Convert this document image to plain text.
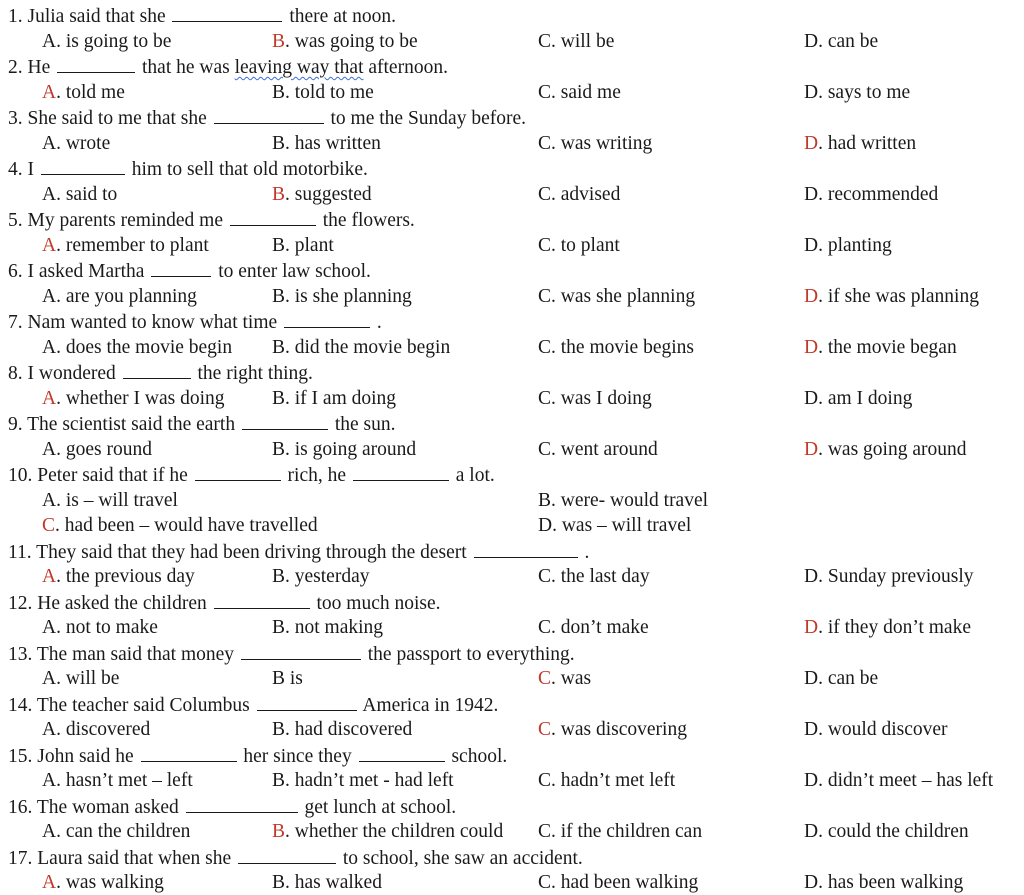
1. Julia said that she	there at noon.
A. is going to be	B. was going to be	C. will be	D. can be
2. He	that he was leaving way that afternoon.
A. told me	B. told to me	C. said me	D. says to me
3. She said to me that she	to me the Sunday before.
A. wrote	B. has written	C. was writing	D. had written
4. I	him to sell that old motorbike.
A. said to	B. suggested	C. advised	D. recommended
5. My parents reminded me	the flowers.
A. remember to plant	B. plant	C. to plant	D. planting
6. I asked Martha	to enter law school.
A. are you planning	B. is she planning	C. was she planning	D. if she was planning
7. Nam wanted to know what time	.
A. does the movie begin B. did the movie begin	C. the movie begins	D. the movie began
8. I wondered	the right thing.
A. whether I was doing B. if I am doing	C. was I doing	D. am I doing
9. The scientist said the earth	the sun.
A. goes round	B. is going around	C. went around	D. was going around
10. Peter said that if he	rich, he	a lot.
A. is – will travel	B. were- would travel
C. had been – would have travelled	D. was – will travel
11. They said that they had been driving through the desert	.
A. the previous day	B. yesterday	C. the last day	D. Sunday previously
12. He asked the children	too much noise.
A. not to make	B. not making	C. don’t make	D. if they don’t make
13. The man said that money	the passport to everything.
A. will be	B is	C. was	D. can be
14. The teacher said Columbus	America in 1942.
A. discovered	B. had discovered	C. was discovering	D. would discover
15. John said he	her since they	school.
A. hasn’t met – left	B. hadn’t met - had left	C. hadn’t met left	D. didn’t meet – has left
16. The woman asked	get lunch at school.
A. can the children	B. whether the children could C. if the children can	D. could the children
17. Laura said that when she	to school, she saw an accident.
A. was walking	B. has walked	C. had been walking	D. has been walking
